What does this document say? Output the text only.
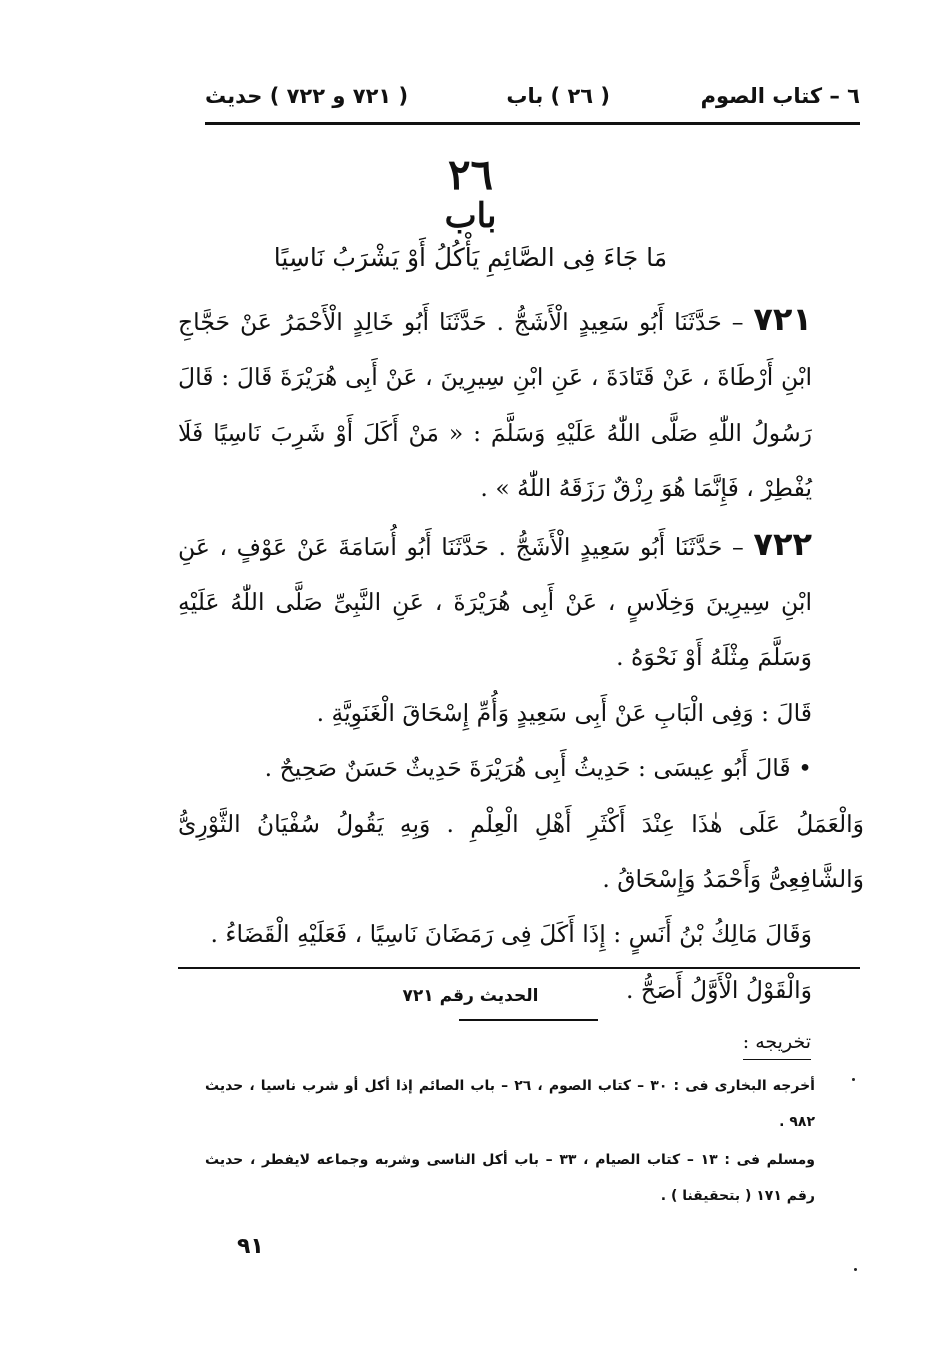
٦ – كتاب الصوم
( ٢٦ ) باب
( ٧٢١ و ٧٢٢ ) حديث
٢٦
باب
مَا جَاءَ فِى الصَّائِمِ يَأْكُلُ أَوْ يَشْرَبُ نَاسِيًا

٧٢١ – حَدَّثَنَا أَبُو سَعِيدٍ الْأَشَجُّ . حَدَّثَنَا أَبُو خَالِدٍ الْأَحْمَرُ عَنْ حَجَّاجِ ابْنِ أَرْطَاةَ ، عَنْ قَتَادَةَ ، عَنِ ابْنِ سِيرِينَ ، عَنْ أَبِى هُرَيْرَةَ قَالَ : قَالَ رَسُولُ اللّٰهِ صَلَّى اللّٰهُ عَلَيْهِ وَسَلَّمَ : « مَنْ أَكَلَ أَوْ شَرِبَ نَاسِيًا فَلَا يُفْطِرْ ، فَإِنَّمَا هُوَ رِزْقٌ رَزَقَهُ اللّٰهُ » .

٧٢٢ – حَدَّثَنَا أَبُو سَعِيدٍ الْأَشَجُّ . حَدَّثَنَا أَبُو أُسَامَةَ عَنْ عَوْفٍ ، عَنِ ابْنِ سِيرِينَ وَخِلَاسٍ ، عَنْ أَبِى هُرَيْرَةَ ، عَنِ النَّبِىِّ صَلَّى اللّٰهُ عَلَيْهِ وَسَلَّمَ مِثْلَهُ أَوْ نَحْوَهُ .

قَالَ : وَفِى الْبَابِ عَنْ أَبِى سَعِيدٍ وَأُمِّ إِسْحَاقَ الْغَنَوِيَّةِ .

• قَالَ أَبُو عِيسَى : حَدِيثُ أَبِى هُرَيْرَةَ حَدِيثٌ حَسَنٌ صَحِيحٌ .

وَالْعَمَلُ عَلَى هٰذَا عِنْدَ أَكْثَرِ أَهْلِ الْعِلْمِ . وَبِهِ يَقُولُ سُفْيَانُ الثَّوْرِىُّ وَالشَّافِعِىُّ وَأَحْمَدُ وَإِسْحَاقُ .

وَقَالَ مَالِكُ بْنُ أَنَسٍ : إِذَا أَكَلَ فِى رَمَضَانَ نَاسِيًا ، فَعَلَيْهِ الْقَضَاءُ .

وَالْقَوْلُ الْأَوَّلُ أَصَحُّ .

الحديث رقم ٧٢١
تخريجه :

أخرجه البخارى فى : ٣٠ – كتاب الصوم ، ٢٦ – باب الصائم إذا أكل أو شرب ناسيا ، حديث ٩٨٢ .

ومسلم فى : ١٣ – كتاب الصيام ، ٣٣ – باب أكل الناسى وشربه وجماعه لايفطر ، حديث رقم ١٧١ ( بتحقيقنا ) .

٩١
